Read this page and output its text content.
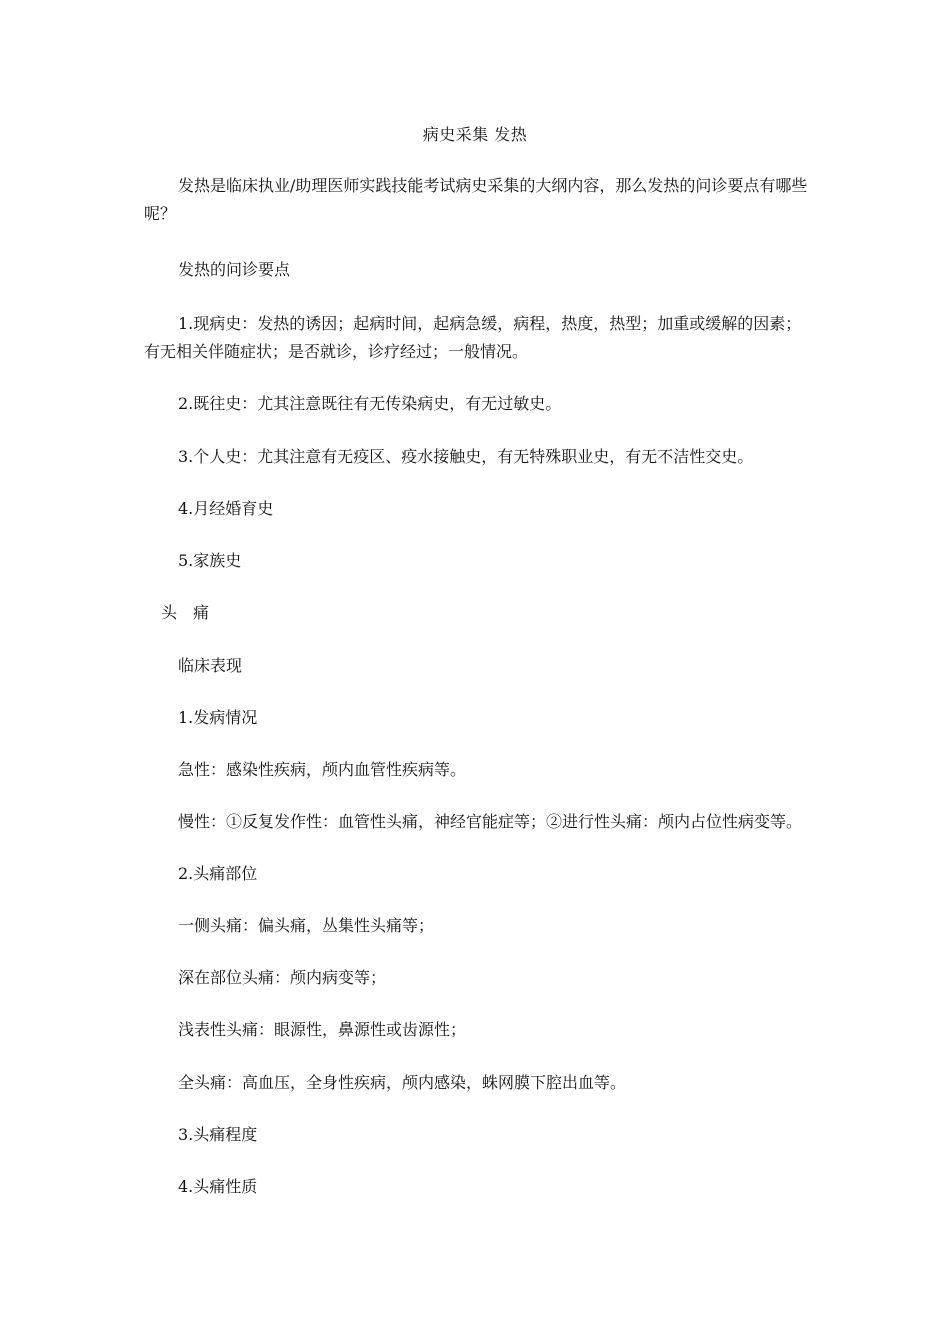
病史采集 发热

发热是临床执业/助理医师实践技能考试病史采集的大纲内容，那么发热的问诊要点有哪些呢？

发热的问诊要点

1.现病史：发热的诱因；起病时间，起病急缓，病程，热度，热型；加重或缓解的因素；有无相关伴随症状；是否就诊，诊疗经过；一般情况。

2.既往史：尤其注意既往有无传染病史，有无过敏史。

3.个人史：尤其注意有无疫区、疫水接触史，有无特殊职业史，有无不洁性交史。

4.月经婚育史

5.家族史

头　痛

临床表现

1.发病情况

急性：感染性疾病，颅内血管性疾病等。

慢性：①反复发作性：血管性头痛，神经官能症等；②进行性头痛：颅内占位性病变等。

2.头痛部位

一侧头痛：偏头痛，丛集性头痛等；

深在部位头痛：颅内病变等；

浅表性头痛：眼源性，鼻源性或齿源性；

全头痛：高血压，全身性疾病，颅内感染，蛛网膜下腔出血等。

3.头痛程度

4.头痛性质
